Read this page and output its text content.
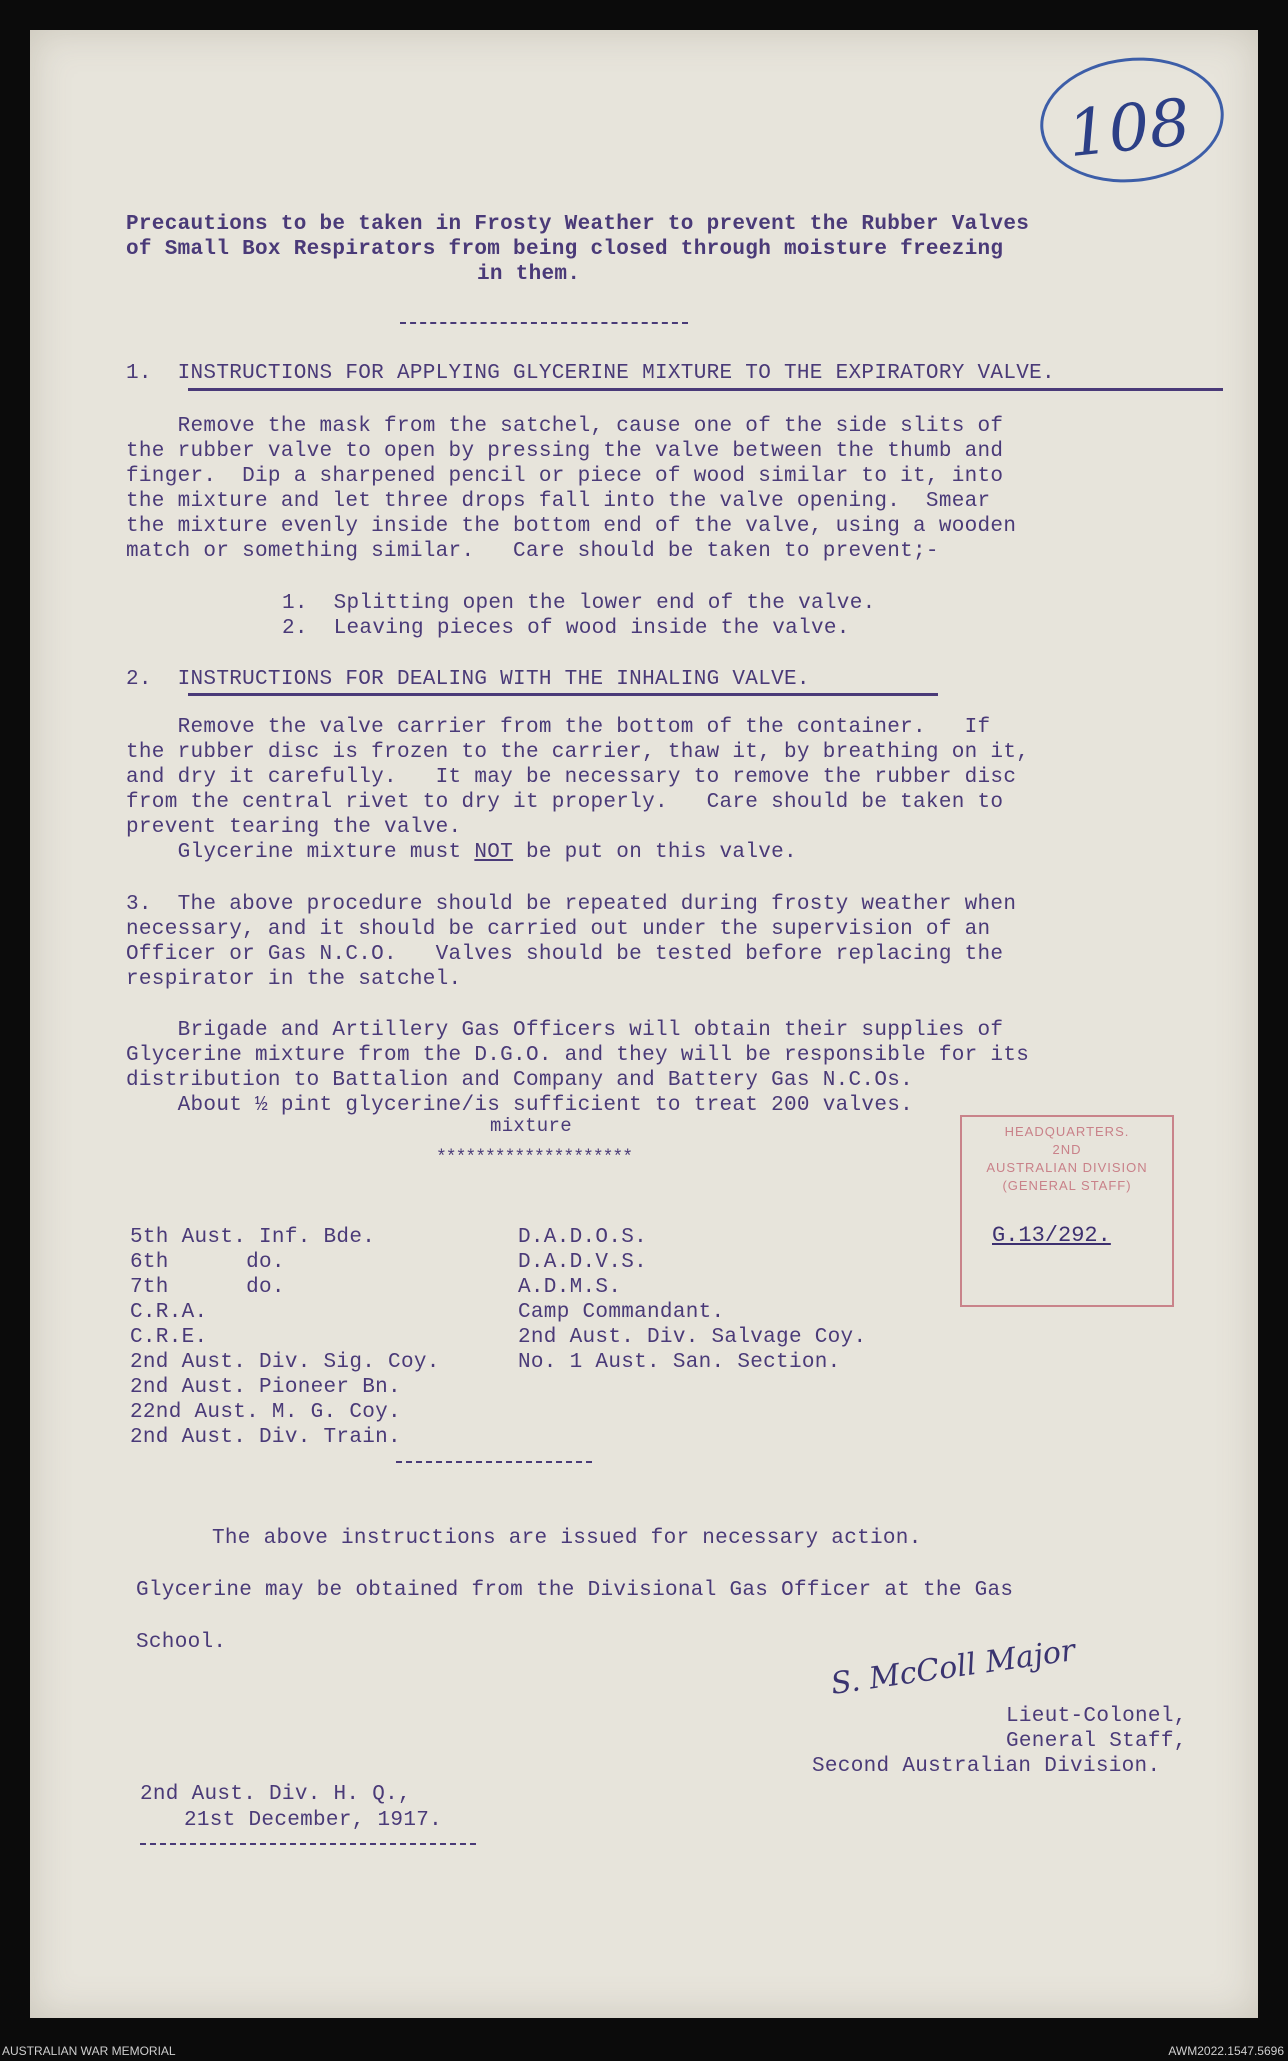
108
Precautions to be taken in Frosty Weather to prevent the Rubber Valves
of Small Box Respirators from being closed through moisture freezing
in them.
1.  INSTRUCTIONS FOR APPLYING GLYCERINE MIXTURE TO THE EXPIRATORY VALVE.
Remove the mask from the satchel, cause one of the side slits of
the rubber valve to open by pressing the valve between the thumb and
finger.  Dip a sharpened pencil or piece of wood similar to it, into
the mixture and let three drops fall into the valve opening.  Smear
the mixture evenly inside the bottom end of the valve, using a wooden
match or something similar.   Care should be taken to prevent;-
1.  Splitting open the lower end of the valve.
2.  Leaving pieces of wood inside the valve.
2.  INSTRUCTIONS FOR DEALING WITH THE INHALING VALVE.
Remove the valve carrier from the bottom of the container.   If
the rubber disc is frozen to the carrier, thaw it, by breathing on it,
and dry it carefully.   It may be necessary to remove the rubber disc
from the central rivet to dry it properly.   Care should be taken to
prevent tearing the valve.
Glycerine mixture must NOT be put on this valve.
3.  The above procedure should be repeated during frosty weather when
necessary, and it should be carried out under the supervision of an
Officer or Gas N.C.O.   Valves should be tested before replacing the
respirator in the satchel.
Brigade and Artillery Gas Officers will obtain their supplies of
Glycerine mixture from the D.G.O. and they will be responsible for its
distribution to Battalion and Company and Battery Gas N.C.Os.
About ½ pint glycerine/is sufficient to treat 200 valves.
mixture
********************
HEADQUARTERS.
2ND
AUSTRALIAN DIVISION
(GENERAL STAFF)
G.13/292.
5th Aust. Inf. Bde.
6th      do.
7th      do.
C.R.A.
C.R.E.
2nd Aust. Div. Sig. Coy.
2nd Aust. Pioneer Bn.
22nd Aust. M. G. Coy.
2nd Aust. Div. Train.
D.A.D.O.S.
D.A.D.V.S.
A.D.M.S.
Camp Commandant.
2nd Aust. Div. Salvage Coy.
No. 1 Aust. San. Section.
The above instructions are issued for necessary action.
Glycerine may be obtained from the Divisional Gas Officer at the Gas
School.	S. McColl Major
Lieut-Colonel,
General Staff,
Second Australian Division.
2nd Aust. Div. H. Q.,
21st December, 1917.
AUSTRALIAN WAR MEMORIAL	AWM2022.1547.5696
